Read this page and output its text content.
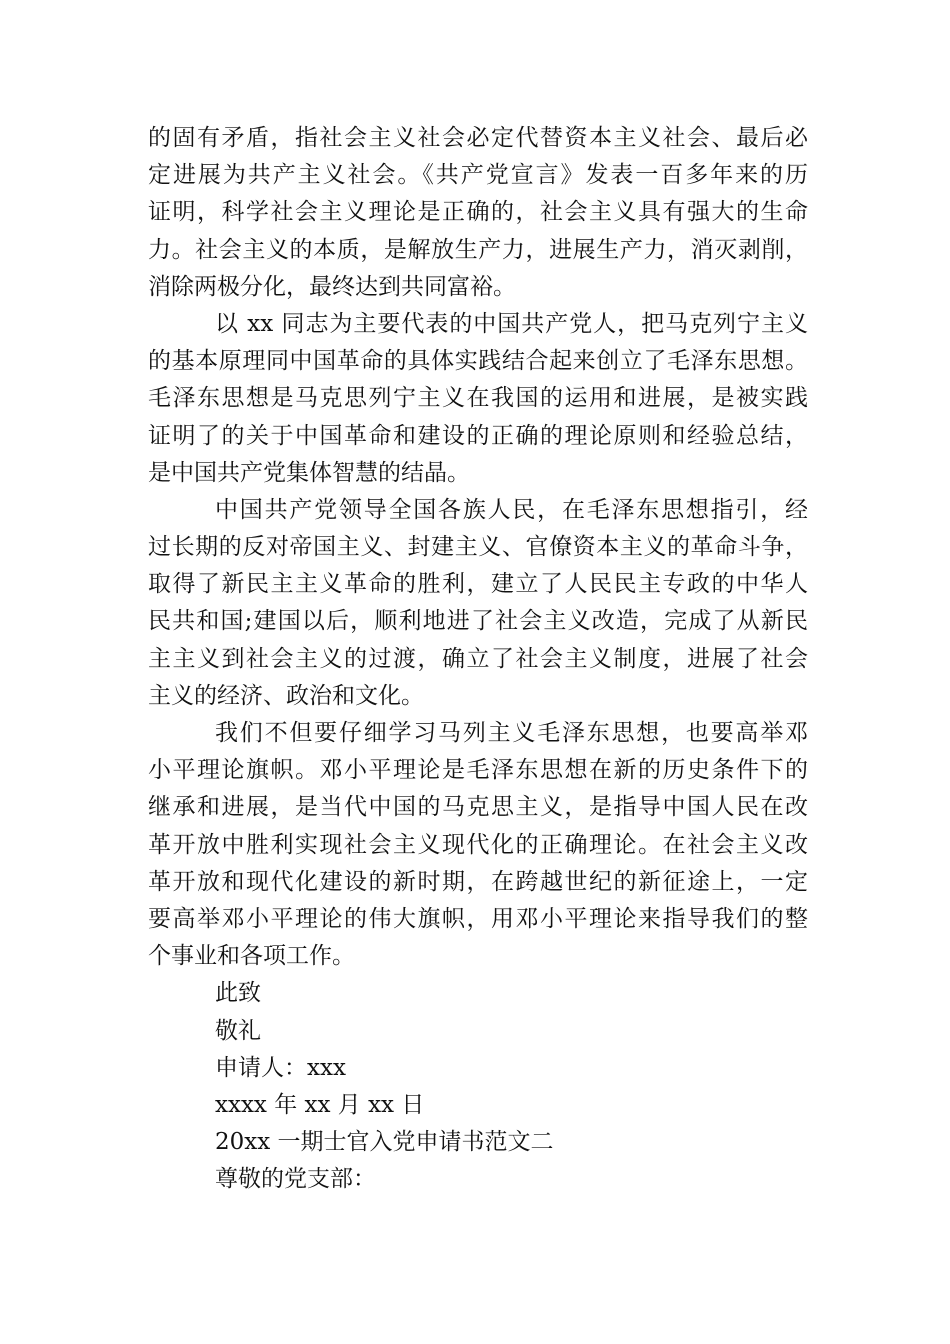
的固有矛盾，指社会主义社会必定代替资本主义社会、最后必
定进展为共产主义社会。《共产党宣言》发表一百多年来的历
证明，科学社会主义理论是正确的，社会主义具有强大的生命
力。社会主义的本质，是解放生产力，进展生产力，消灭剥削，
消除两极分化，最终达到共同富裕。
以 xx 同志为主要代表的中国共产党人，把马克列宁主义
的基本原理同中国革命的具体实践结合起来创立了毛泽东思想。
毛泽东思想是马克思列宁主义在我国的运用和进展，是被实践
证明了的关于中国革命和建设的正确的理论原则和经验总结，
是中国共产党集体智慧的结晶。
中国共产党领导全国各族人民，在毛泽东思想指引，经
过长期的反对帝国主义、封建主义、官僚资本主义的革命斗争，
取得了新民主主义革命的胜利，建立了人民民主专政的中华人
民共和国;建国以后，顺利地进了社会主义改造，完成了从新民
主主义到社会主义的过渡，确立了社会主义制度，进展了社会
主义的经济、政治和文化。
我们不但要仔细学习马列主义毛泽东思想，也要高举邓
小平理论旗帜。邓小平理论是毛泽东思想在新的历史条件下的
继承和进展，是当代中国的马克思主义，是指导中国人民在改
革开放中胜利实现社会主义现代化的正确理论。在社会主义改
革开放和现代化建设的新时期，在跨越世纪的新征途上，一定
要高举邓小平理论的伟大旗帜，用邓小平理论来指导我们的整
个事业和各项工作。
此致
敬礼
申请人：xxx
xxxx 年 xx 月 xx 日
20xx 一期士官入党申请书范文二
尊敬的党支部：
